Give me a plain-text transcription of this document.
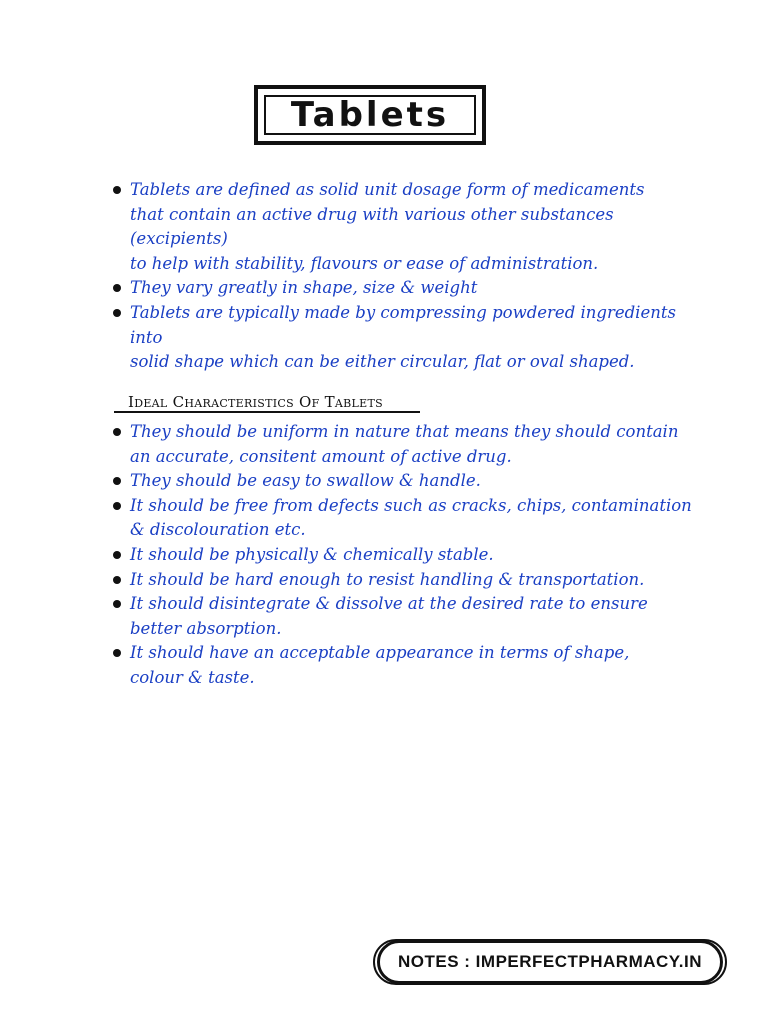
Tablets
Tablets are defined as solid unit dosage form of medicaments
that contain an active drug with various other substances (excipients)
to help with stability, flavours or ease of administration.
They vary greatly in shape, size & weight
Tablets are typically made by compressing powdered ingredients into
solid shape which can be either circular, flat or oval shaped.
Ideal Characteristics Of Tablets
They should be uniform in nature that means they should contain
an accurate, consitent amount of active drug.
They should be easy to swallow & handle.
It should be free from defects such as cracks, chips, contamination
& discolouration etc.
It should be physically & chemically stable.
It should be hard enough to resist handling & transportation.
It should disintegrate & dissolve at the desired rate to ensure
better absorption.
It should have an acceptable appearance in terms of shape,
colour & taste.
NOTES : IMPERFECTPHARMACY.IN
